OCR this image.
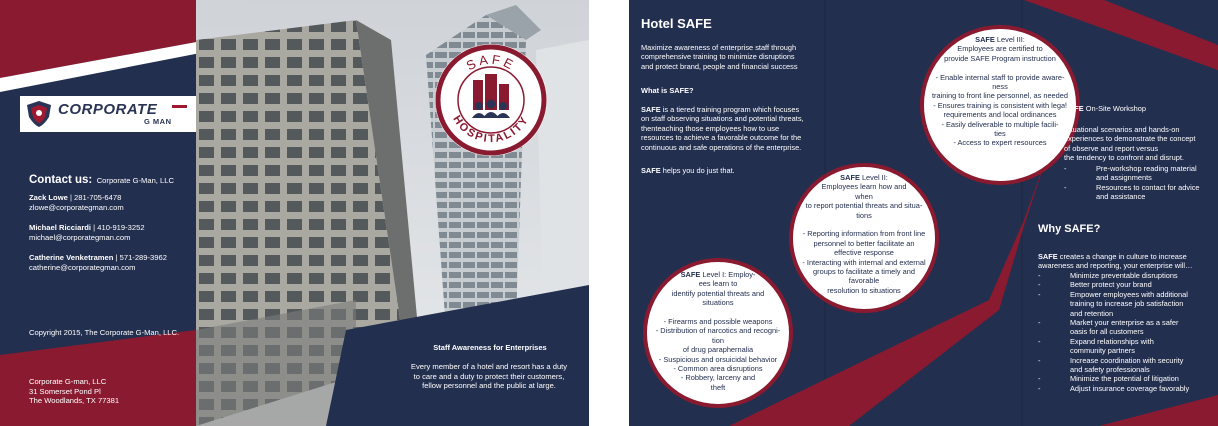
CORPORATE
G MAN
Contact us: Corporate G-Man, LLC
Zack Lowe | 281-705-6478
zlowe@corporategman.com
Michael Ricciardi | 410-919-3252
michael@corporategman.com
Catherine Venketramen | 571-289-3962
catherine@corporategman.com
Copyright 2015, The Corporate G-Man, LLC.
Corporate G-man, LLC
31 Somerset Pond Pl
The Woodlands, TX 77381
SAFE
HOSPITALITY
Staff Awareness for Enterprises
Every member of a hotel and resort has a duty
to care and a duty to protect their customers,
fellow personnel and the public at large.
Hotel SAFE
Maximize awareness of enterprise staff through
comprehensive training to minimize disruptions
and protect brand, people and financial success
What is SAFE?
SAFE is a tiered training program which focuses
on staff observing situations and potential threats,
thenteaching those employees how to use
resources to achieve a favorable outcome for the
continuous and safe operations of the enterprise.
SAFE helps you do just that.
SAFE Level III:
Employees are certified to
provide SAFE Program instruction
- Enable internal staff to provide aware-
ness
training to front line personnel, as needed
- Ensures training is consistent with legal
requirements and local ordinances
- Easily deliverable to multiple facili-
ties
- Access to expert resources
SAFE Level II:
Employees learn how and
when
to report potential threats and situa-
tions
- Reporting information from front line
personnel to better facilitate an
effective response
- Interacting with internal and external
groups to facilitate a timely and
favorable
resolution to situations
SAFE Level I: Employ-
ees learn to
identify potential threats and
situations
- Firearms and possible weapons
- Distribution of narcotics and recogni-
tion
of drug paraphernalia
- Suspicious and orsuicidal behavior
- Common area disruptions
- Robbery, larceny and
theft
SAFE On-Site Workshop
Situational scenarios and hands-on
experiences to demonstrate the concept
of observe and report versus
the tendency to confront and disrupt.
- Pre-workshop reading material
and assignments
- Resources to contact for advice
and assistance
Why SAFE?
SAFE creates a change in culture to increase
awareness and reporting, your enterprise will…
- Minimize preventable disruptions
- Better protect your brand
- Empower employees with additional
training to increase job satisfaction
and retention
- Market your enterprise as a safer
oasis for all customers
- Expand relationships with
community partners
- Increase coordination with security
and safety professionals
- Minimize the potential of litigation
- Adjust insurance coverage favorably
